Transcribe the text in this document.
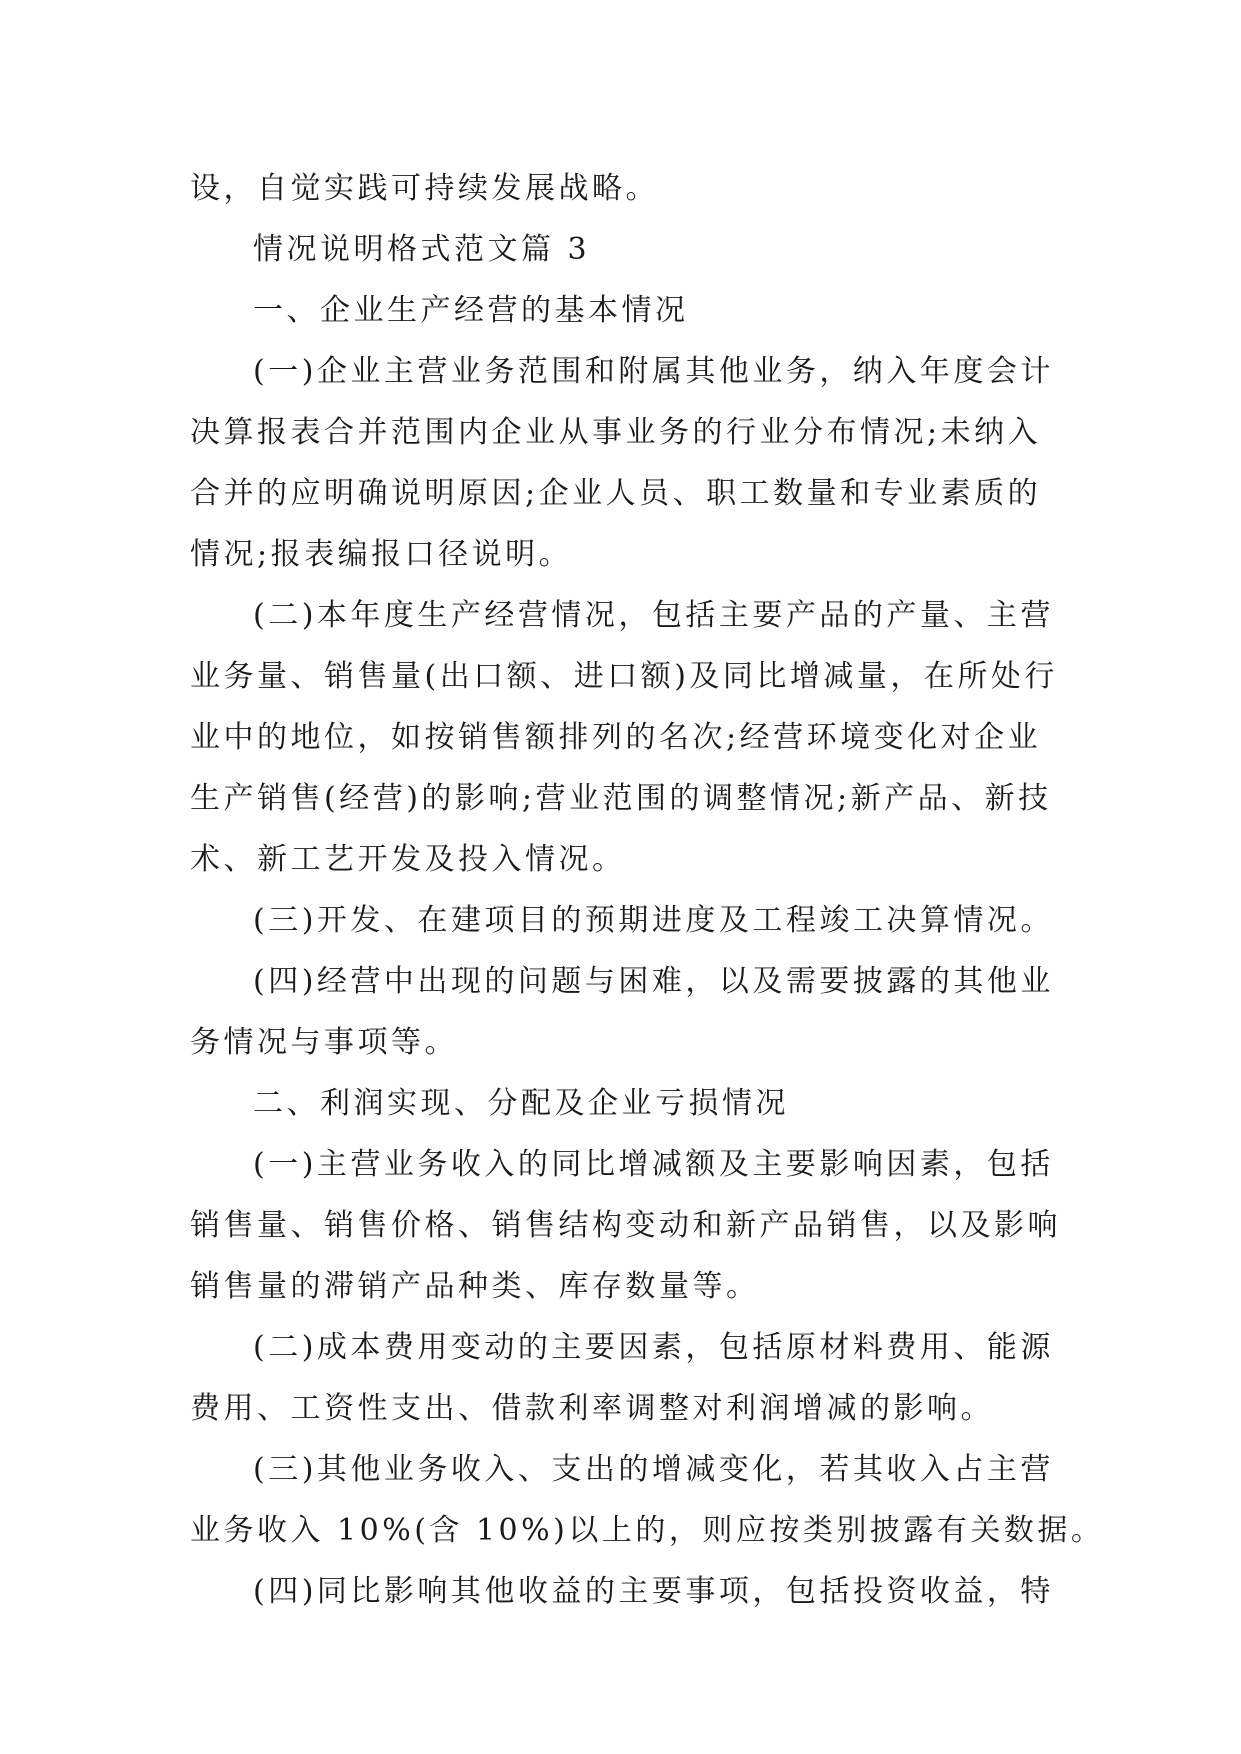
设，自觉实践可持续发展战略。
情况说明格式范文篇 3
一、企业生产经营的基本情况
(一)企业主营业务范围和附属其他业务，纳入年度会计
决算报表合并范围内企业从事业务的行业分布情况;未纳入
合并的应明确说明原因;企业人员、职工数量和专业素质的
情况;报表编报口径说明。
(二)本年度生产经营情况，包括主要产品的产量、主营
业务量、销售量(出口额、进口额)及同比增减量，在所处行
业中的地位，如按销售额排列的名次;经营环境变化对企业
生产销售(经营)的影响;营业范围的调整情况;新产品、新技
术、新工艺开发及投入情况。
(三)开发、在建项目的预期进度及工程竣工决算情况。
(四)经营中出现的问题与困难，以及需要披露的其他业
务情况与事项等。
二、利润实现、分配及企业亏损情况
(一)主营业务收入的同比增减额及主要影响因素，包括
销售量、销售价格、销售结构变动和新产品销售，以及影响
销售量的滞销产品种类、库存数量等。
(二)成本费用变动的主要因素，包括原材料费用、能源
费用、工资性支出、借款利率调整对利润增减的影响。
(三)其他业务收入、支出的增减变化，若其收入占主营
业务收入 10%(含 10%)以上的，则应按类别披露有关数据。
(四)同比影响其他收益的主要事项，包括投资收益，特
